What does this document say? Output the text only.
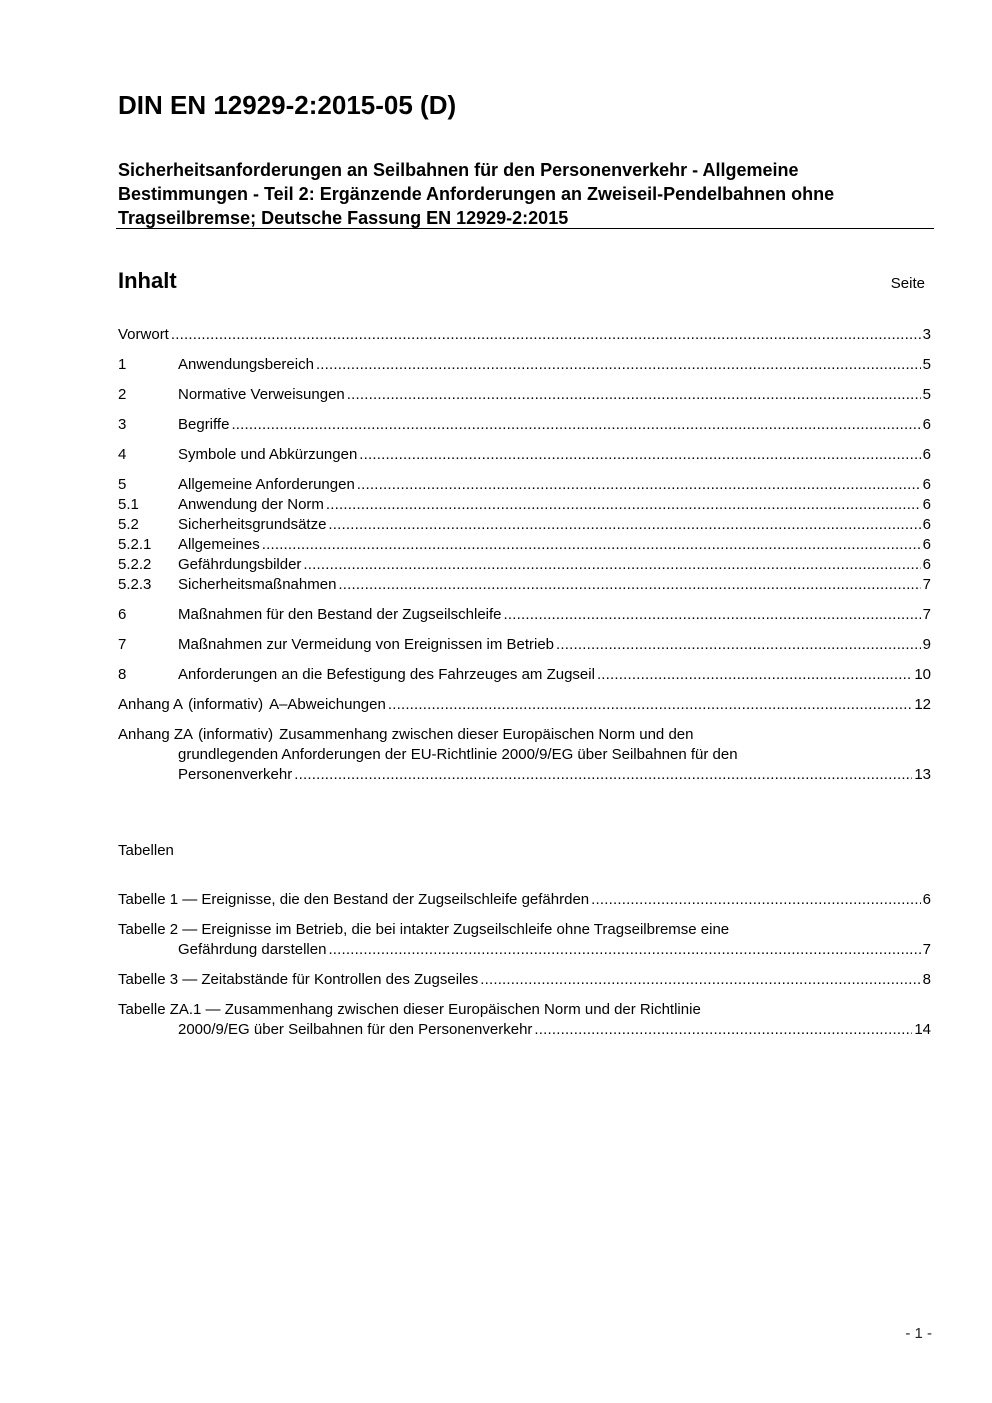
DIN EN 12929-2:2015-05 (D)
Sicherheitsanforderungen an Seilbahnen für den Personenverkehr - Allgemeine Bestimmungen - Teil 2: Ergänzende Anforderungen an Zweiseil-Pendelbahnen ohne Tragseilbremse; Deutsche Fassung EN 12929-2:2015
Inhalt	Seite
Vorwort .....	3
1	Anwendungsbereich .....	5
2	Normative Verweisungen .....	5
3	Begriffe .....	6
4	Symbole und Abkürzungen .....	6
5	Allgemeine Anforderungen .....	6
5.1	Anwendung der Norm .....	6
5.2	Sicherheitsgrundsätze .....	6
5.2.1	Allgemeines .....	6
5.2.2	Gefährdungsbilder .....	6
5.2.3	Sicherheitsmaßnahmen .....	7
6	Maßnahmen für den Bestand der Zugseilschleife .....	7
7	Maßnahmen zur Vermeidung von Ereignissen im Betrieb .....	9
8	Anforderungen an die Befestigung des Fahrzeuges am Zugseil .....	10
Anhang A (informativ) A–Abweichungen .....	12
Anhang ZA (informativ) Zusammenhang zwischen dieser Europäischen Norm und den
grundlegenden Anforderungen der EU-Richtlinie 2000/9/EG über Seilbahnen für den
Personenverkehr .....	13
Tabellen
Tabelle 1 — Ereignisse, die den Bestand der Zugseilschleife gefährden .....	6
Tabelle 2 — Ereignisse im Betrieb, die bei intakter Zugseilschleife ohne Tragseilbremse eine
Gefährdung darstellen .....	7
Tabelle 3 — Zeitabstände für Kontrollen des Zugseiles .....	8
Tabelle ZA.1 — Zusammenhang zwischen dieser Europäischen Norm und der Richtlinie
2000/9/EG über Seilbahnen für den Personenverkehr .....	14
- 1 -
